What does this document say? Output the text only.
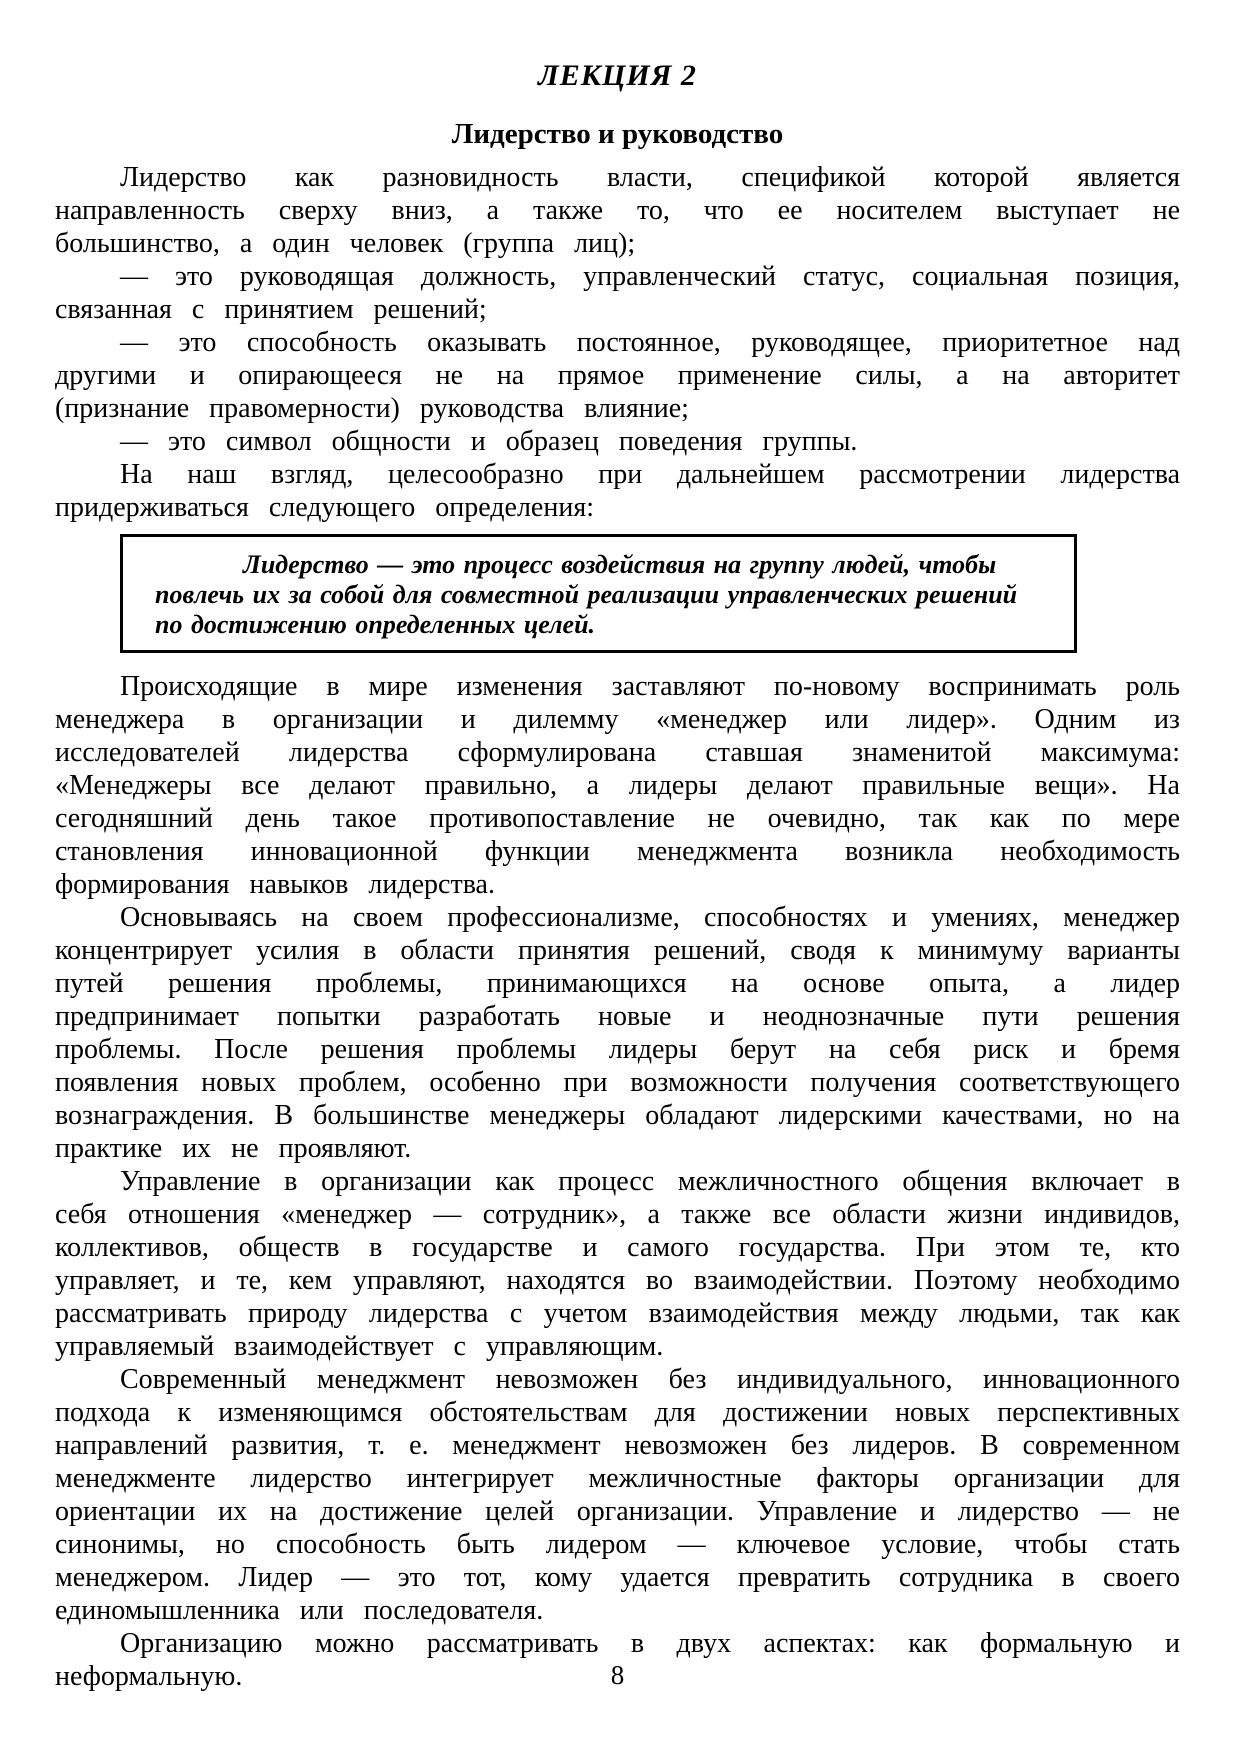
ЛЕКЦИЯ 2
Лидерство и руководство

Лидерство как разновидность власти, спецификой которой является направленность сверху вниз, а также то, что ее носителем выступает не большинство, а один человек (группа лиц);

— это руководящая должность, управленческий статус, социальная позиция, связанная с принятием решений;

— это способность оказывать постоянное, руководящее, приоритетное над другими и опирающееся не на прямое применение силы, а на авторитет (признание правомерности) руководства влияние;

— это символ общности и образец поведения группы.

На наш взгляд, целесообразно при дальнейшем рассмотрении лидерства придерживаться следующего определения:

Лидерство — это процесс воздействия на группу людей, чтобы повлечь их за собой для совместной реализации управленческих решений по достижению определенных целей.

Происходящие в мире изменения заставляют по-новому воспринимать роль менеджера в организации и дилемму «менеджер или лидер». Одним из исследователей лидерства сформулирована ставшая знаменитой максимума: «Менеджеры все делают правильно, а лидеры делают правильные вещи». На сегодняшний день такое противопоставление не очевидно, так как по мере становления инновационной функции менеджмента возникла необходимость формирования навыков лидерства.

Основываясь на своем профессионализме, способностях и умениях, менеджер концентрирует усилия в области принятия решений, сводя к минимуму варианты путей решения проблемы, принимающихся на основе опыта, а лидер предпринимает попытки разработать новые и неоднозначные пути решения проблемы. После решения проблемы лидеры берут на себя риск и бремя появления новых проблем, особенно при возможности получения соответствующего вознаграждения. В большинстве менеджеры обладают лидерскими качествами, но на практике их не проявляют.

Управление в организации как процесс межличностного общения включает в себя отношения «менеджер — сотрудник», а также все области жизни индивидов, коллективов, обществ в государстве и самого государства. При этом те, кто управляет, и те, кем управляют, находятся во взаимодействии. Поэтому необходимо рассматривать природу лидерства с учетом взаимодействия между людьми, так как управляемый взаимодействует с управляющим.

Современный менеджмент невозможен без индивидуального, инновационного подхода к изменяющимся обстоятельствам для достижении новых перспективных направлений развития, т. е. менеджмент невозможен без лидеров. В современном менеджменте лидерство интегрирует межличностные факторы организации для ориентации их на достижение целей организации. Управление и лидерство — не синонимы, но способность быть лидером — ключевое условие, чтобы стать менеджером. Лидер — это тот, кому удается превратить сотрудника в своего единомышленника или последователя.

Организацию можно рассматривать в двух аспектах: как формальную и неформальную.	8
